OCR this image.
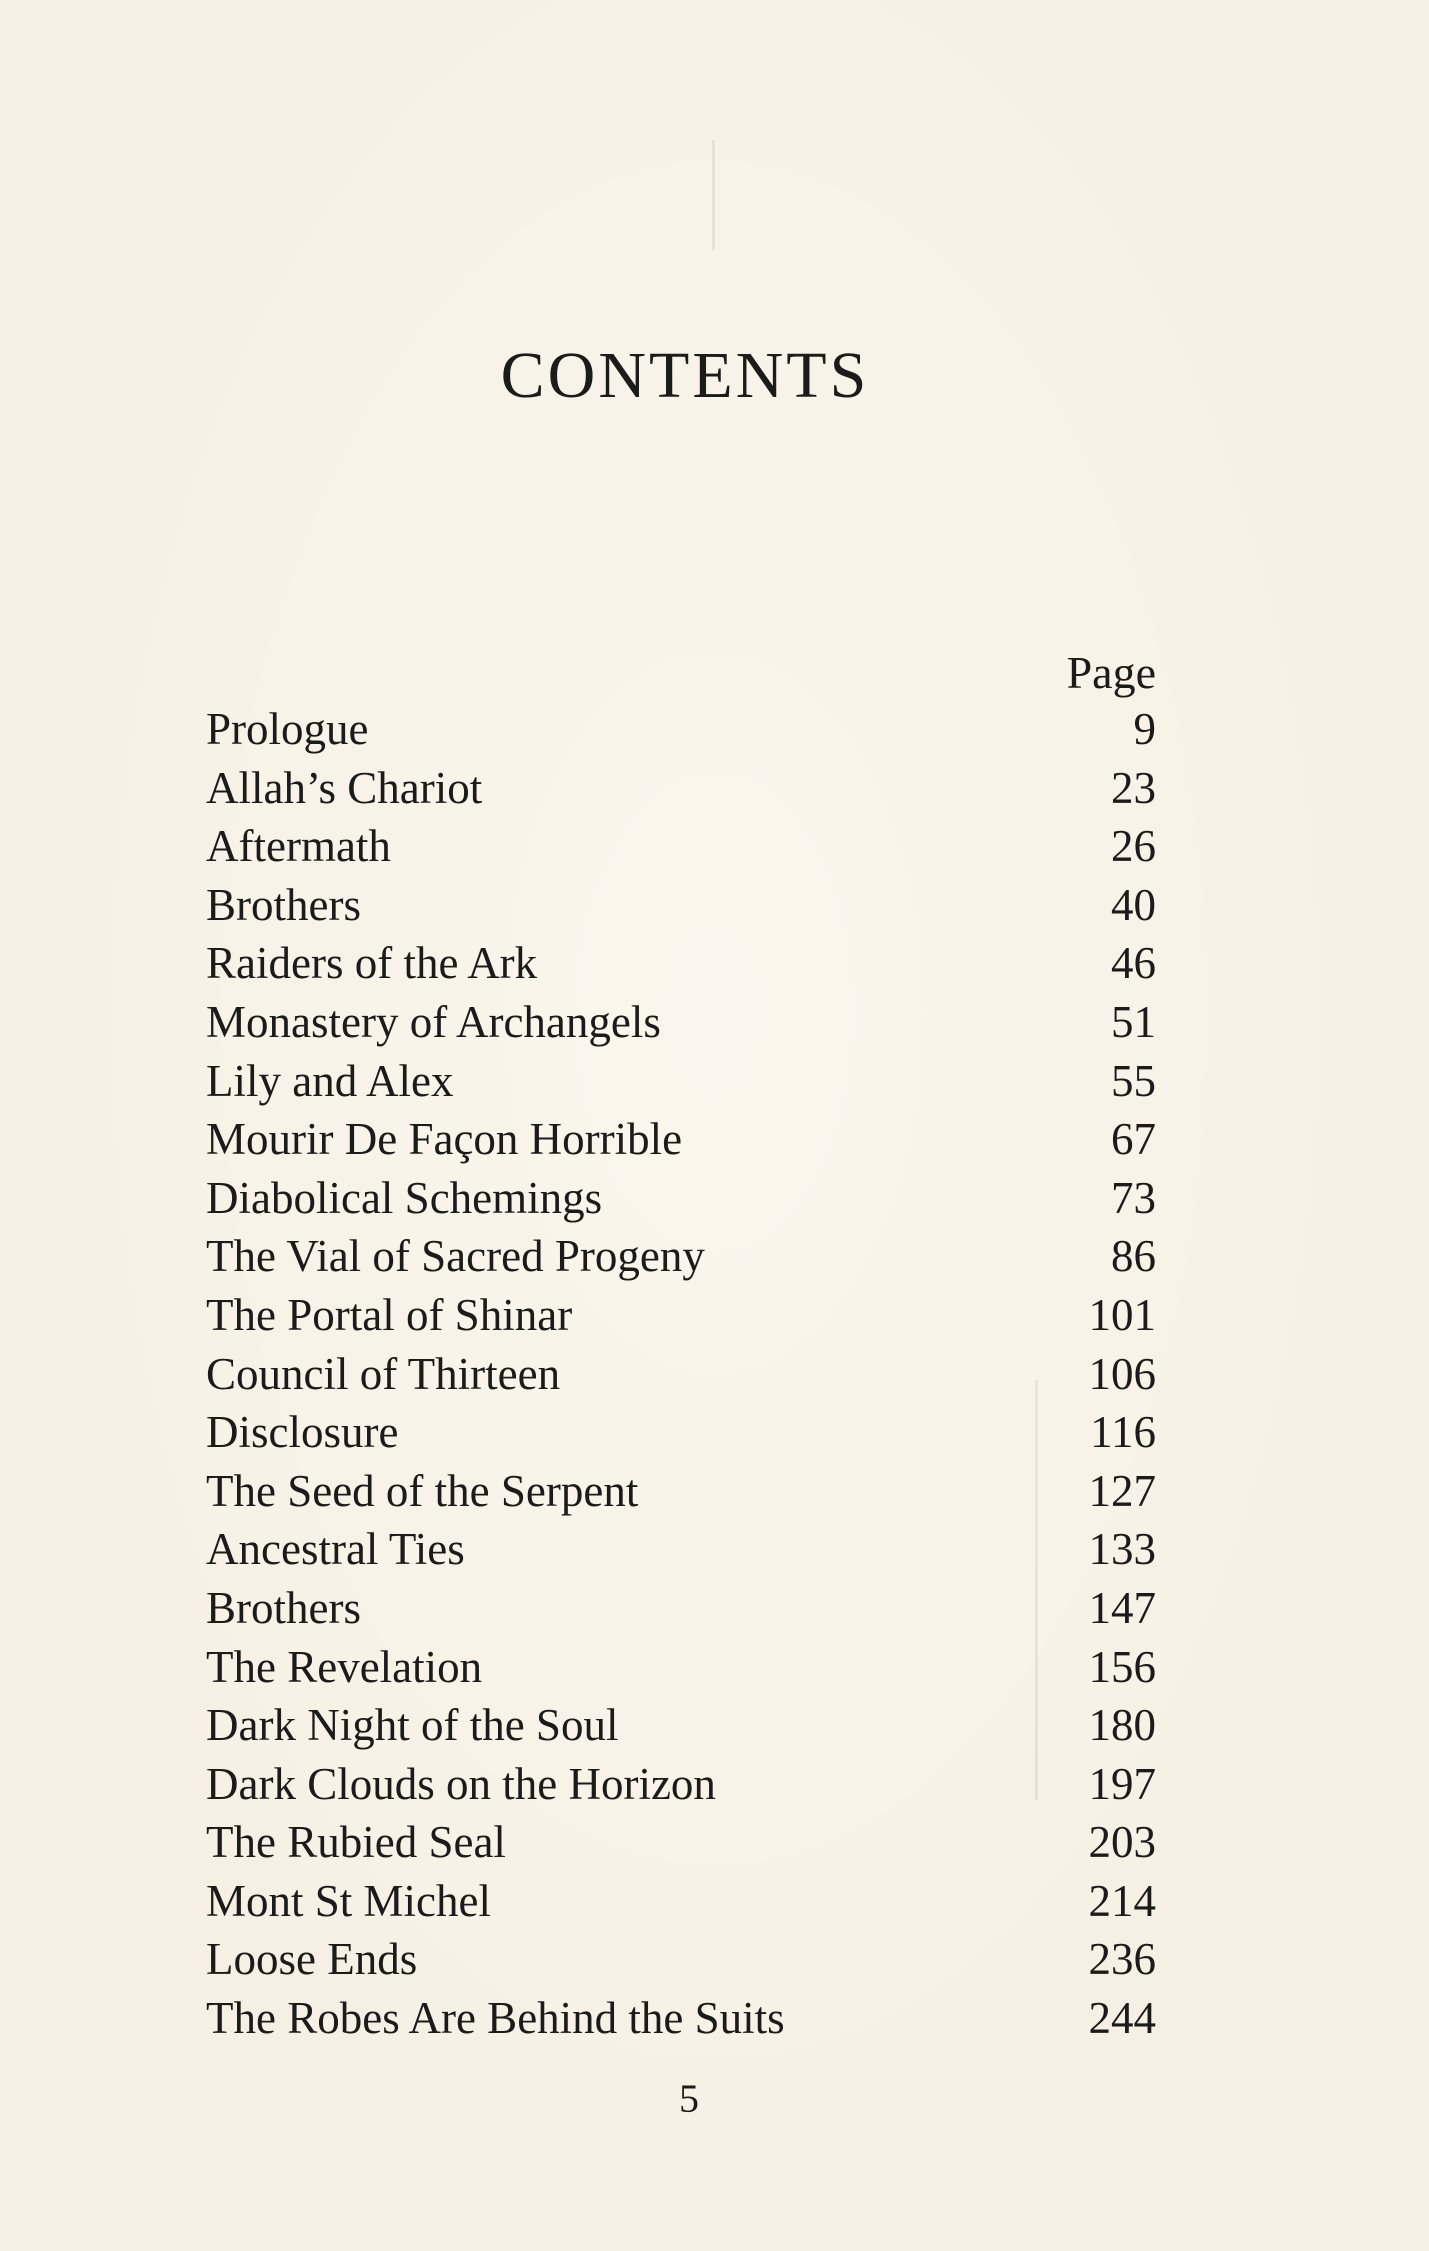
CONTENTS
Page
Prologue	9
Allah’s Chariot	23
Aftermath	26
Brothers	40
Raiders of the Ark	46
Monastery of Archangels	51
Lily and Alex	55
Mourir De Façon Horrible	67
Diabolical Schemings	73
The Vial of Sacred Progeny	86
The Portal of Shinar	101
Council of Thirteen	106
Disclosure	116
The Seed of the Serpent	127
Ancestral Ties	133
Brothers	147
The Revelation	156
Dark Night of the Soul	180
Dark Clouds on the Horizon	197
The Rubied Seal	203
Mont St Michel	214
Loose Ends	236
The Robes Are Behind the Suits	244
5
